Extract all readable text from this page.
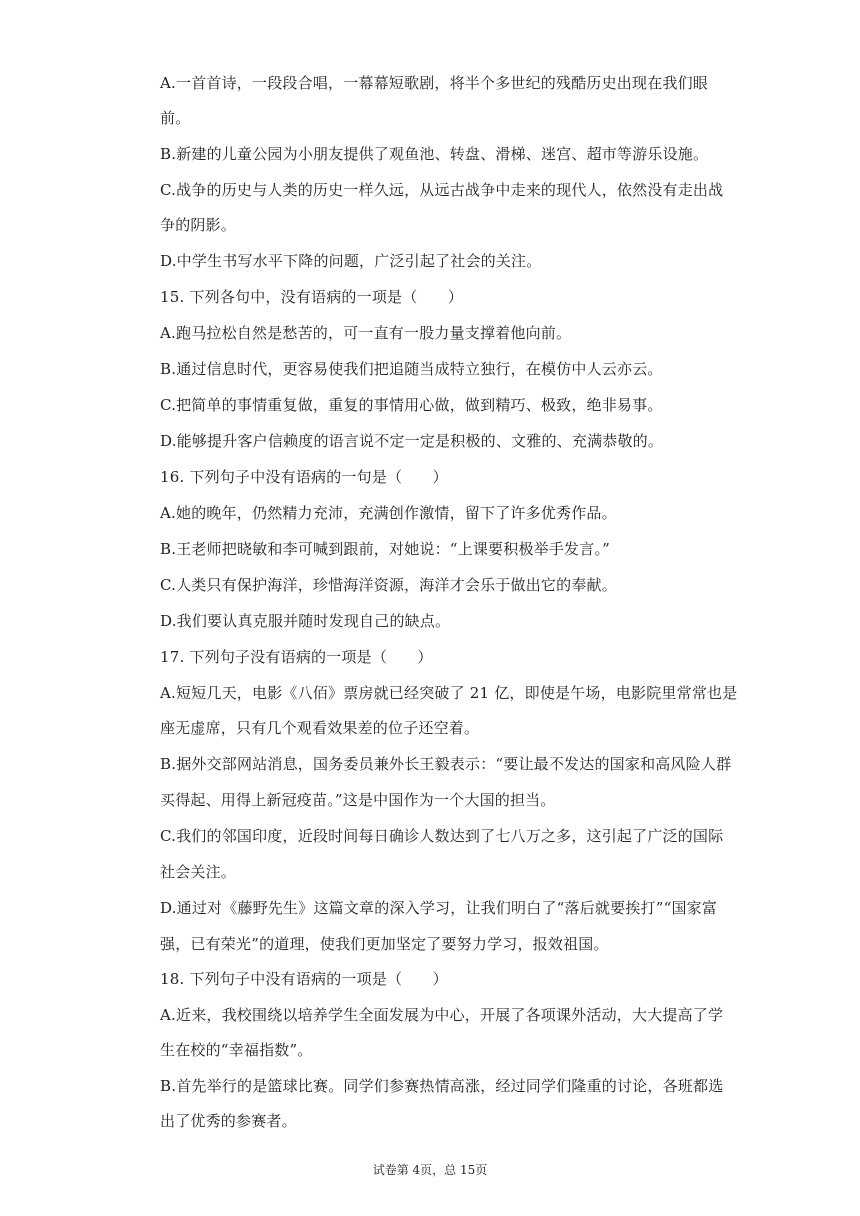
A.一首首诗，一段段合唱，一幕幕短歌剧，将半个多世纪的残酷历史出现在我们眼
前。
B.新建的儿童公园为小朋友提供了观鱼池、转盘、滑梯、迷宫、超市等游乐设施。
C.战争的历史与人类的历史一样久远，从远古战争中走来的现代人，依然没有走出战
争的阴影。
D.中学生书写水平下降的问题，广泛引起了社会的关注。
15. 下列各句中，没有语病的一项是（　　）
A.跑马拉松自然是愁苦的，可一直有一股力量支撑着他向前。
B.通过信息时代，更容易使我们把追随当成特立独行，在模仿中人云亦云。
C.把简单的事情重复做，重复的事情用心做，做到精巧、极致，绝非易事。
D.能够提升客户信赖度的语言说不定一定是积极的、文雅的、充满恭敬的。
16. 下列句子中没有语病的一句是（　　）
A.她的晚年，仍然精力充沛，充满创作激情，留下了许多优秀作品。
B.王老师把晓敏和李可喊到跟前，对她说：“上课要积极举手发言。”
C.人类只有保护海洋，珍惜海洋资源，海洋才会乐于做出它的奉献。
D.我们要认真克服并随时发现自己的缺点。
17. 下列句子没有语病的一项是（　　）
A.短短几天，电影《八佰》票房就已经突破了 21 亿，即使是午场，电影院里常常也是
座无虚席，只有几个观看效果差的位子还空着。
B.据外交部网站消息，国务委员兼外长王毅表示：“要让最不发达的国家和高风险人群
买得起、用得上新冠疫苗。”这是中国作为一个大国的担当。
C.我们的邻国印度，近段时间每日确诊人数达到了七八万之多，这引起了广泛的国际
社会关注。
D.通过对《藤野先生》这篇文章的深入学习，让我们明白了“落后就要挨打”“国家富
强，已有荣光”的道理，使我们更加坚定了要努力学习，报效祖国。
18. 下列句子中没有语病的一项是（　　）
A.近来，我校围绕以培养学生全面发展为中心，开展了各项课外活动，大大提高了学
生在校的“幸福指数”。
B.首先举行的是篮球比赛。同学们参赛热情高涨，经过同学们隆重的讨论，各班都选
出了优秀的参赛者。
试卷第 4页，总 15页
